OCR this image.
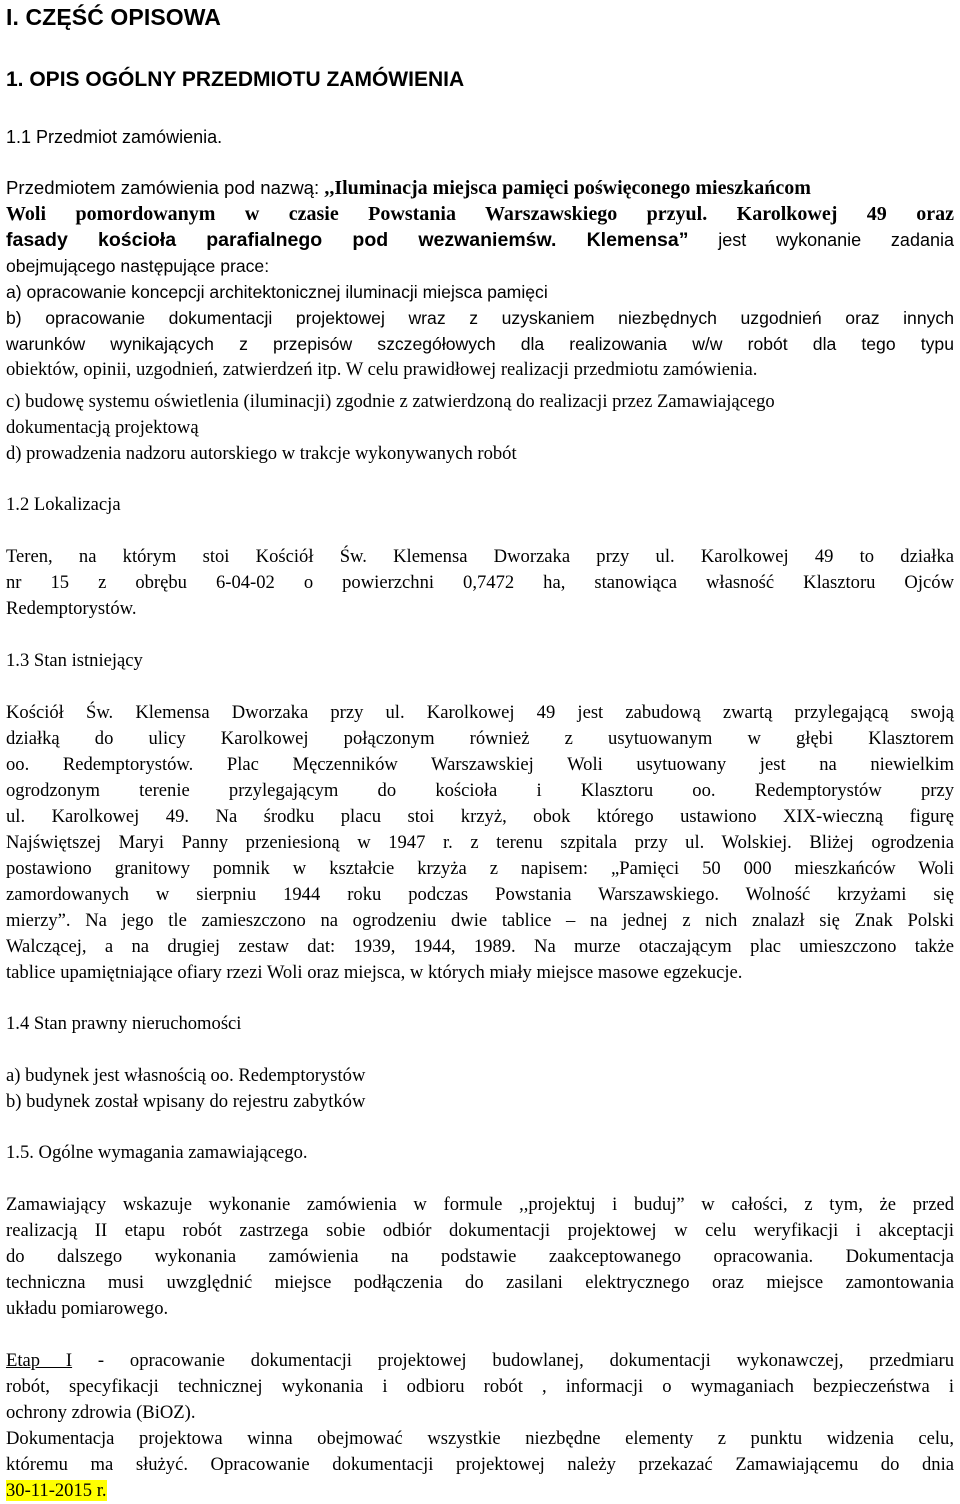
I. CZĘŚĆ OPISOWA
1. OPIS OGÓLNY PRZEDMIOTU ZAMÓWIENIA
1.1 Przedmiot zamówienia.
Przedmiotem zamówienia pod nazwą: ,,Iluminacja miejsca pamięci poświęconego mieszkańcom
Woli pomordowanym w czasie Powstania Warszawskiego przyul. Karolkowej 49 oraz
fasady kościoła parafialnego pod wezwaniemśw. Klemensa” jest wykonanie zadania
obejmującego następujące prace:
a) opracowanie koncepcji architektonicznej iluminacji miejsca pamięci
b) opracowanie dokumentacji projektowej wraz z uzyskaniem niezbędnych uzgodnień oraz innych
warunków wynikających z przepisów szczegółowych dla realizowania w/w robót dla tego typu
obiektów, opinii, uzgodnień, zatwierdzeń itp. W celu prawidłowej realizacji przedmiotu zamówienia.
c) budowę systemu oświetlenia (iluminacji) zgodnie z zatwierdzoną do realizacji przez Zamawiającego
dokumentacją projektową
d) prowadzenia nadzoru autorskiego w trakcje wykonywanych robót
1.2 Lokalizacja
Teren, na którym stoi Kościół Św. Klemensa Dworzaka przy ul. Karolkowej 49 to działka
nr 15 z obrębu 6-04-02 o powierzchni 0,7472 ha, stanowiąca własność Klasztoru Ojców
Redemptorystów.
1.3 Stan istniejący
Kościół Św. Klemensa Dworzaka przy ul. Karolkowej 49 jest zabudową zwartą przylegającą swoją
działką do ulicy Karolkowej połączonym również z usytuowanym w głębi Klasztorem
oo. Redemptorystów. Plac Męczenników Warszawskiej Woli usytuowany jest na niewielkim
ogrodzonym terenie przylegającym do kościoła i Klasztoru oo. Redemptorystów przy
ul. Karolkowej 49. Na środku placu stoi krzyż, obok którego ustawiono XIX-wieczną figurę
Najświętszej Maryi Panny przeniesioną w 1947 r. z terenu szpitala przy ul. Wolskiej. Bliżej ogrodzenia
postawiono granitowy pomnik w kształcie krzyża z napisem: „Pamięci 50 000 mieszkańców Woli
zamordowanych w sierpniu 1944 roku podczas Powstania Warszawskiego. Wolność krzyżami się
mierzy”. Na jego tle zamieszczono na ogrodzeniu dwie tablice – na jednej z nich znalazł się Znak Polski
Walczącej, a na drugiej zestaw dat: 1939, 1944, 1989. Na murze otaczającym plac umieszczono także
tablice upamiętniające ofiary rzezi Woli oraz miejsca, w których miały miejsce masowe egzekucje.
1.4 Stan prawny nieruchomości
a) budynek jest własnością oo. Redemptorystów
b) budynek został wpisany do rejestru zabytków
1.5. Ogólne wymagania zamawiającego.
Zamawiający wskazuje wykonanie zamówienia w formule ,,projektuj i buduj” w całości, z tym, że przed
realizacją II etapu robót zastrzega sobie odbiór dokumentacji projektowej w celu weryfikacji i akceptacji
do dalszego wykonania zamówienia na podstawie zaakceptowanego opracowania. Dokumentacja
techniczna musi uwzględnić miejsce podłączenia do zasilani elektrycznego oraz miejsce zamontowania
układu pomiarowego.
Etap I - opracowanie dokumentacji projektowej budowlanej, dokumentacji wykonawczej, przedmiaru
robót, specyfikacji technicznej wykonania i odbioru robót , informacji o wymaganiach bezpieczeństwa i
ochrony zdrowia (BiOZ).
Dokumentacja projektowa winna obejmować wszystkie niezbędne elementy z punktu widzenia celu,
któremu ma służyć. Opracowanie dokumentacji projektowej należy przekazać Zamawiającemu do dnia
30-11-2015 r.
